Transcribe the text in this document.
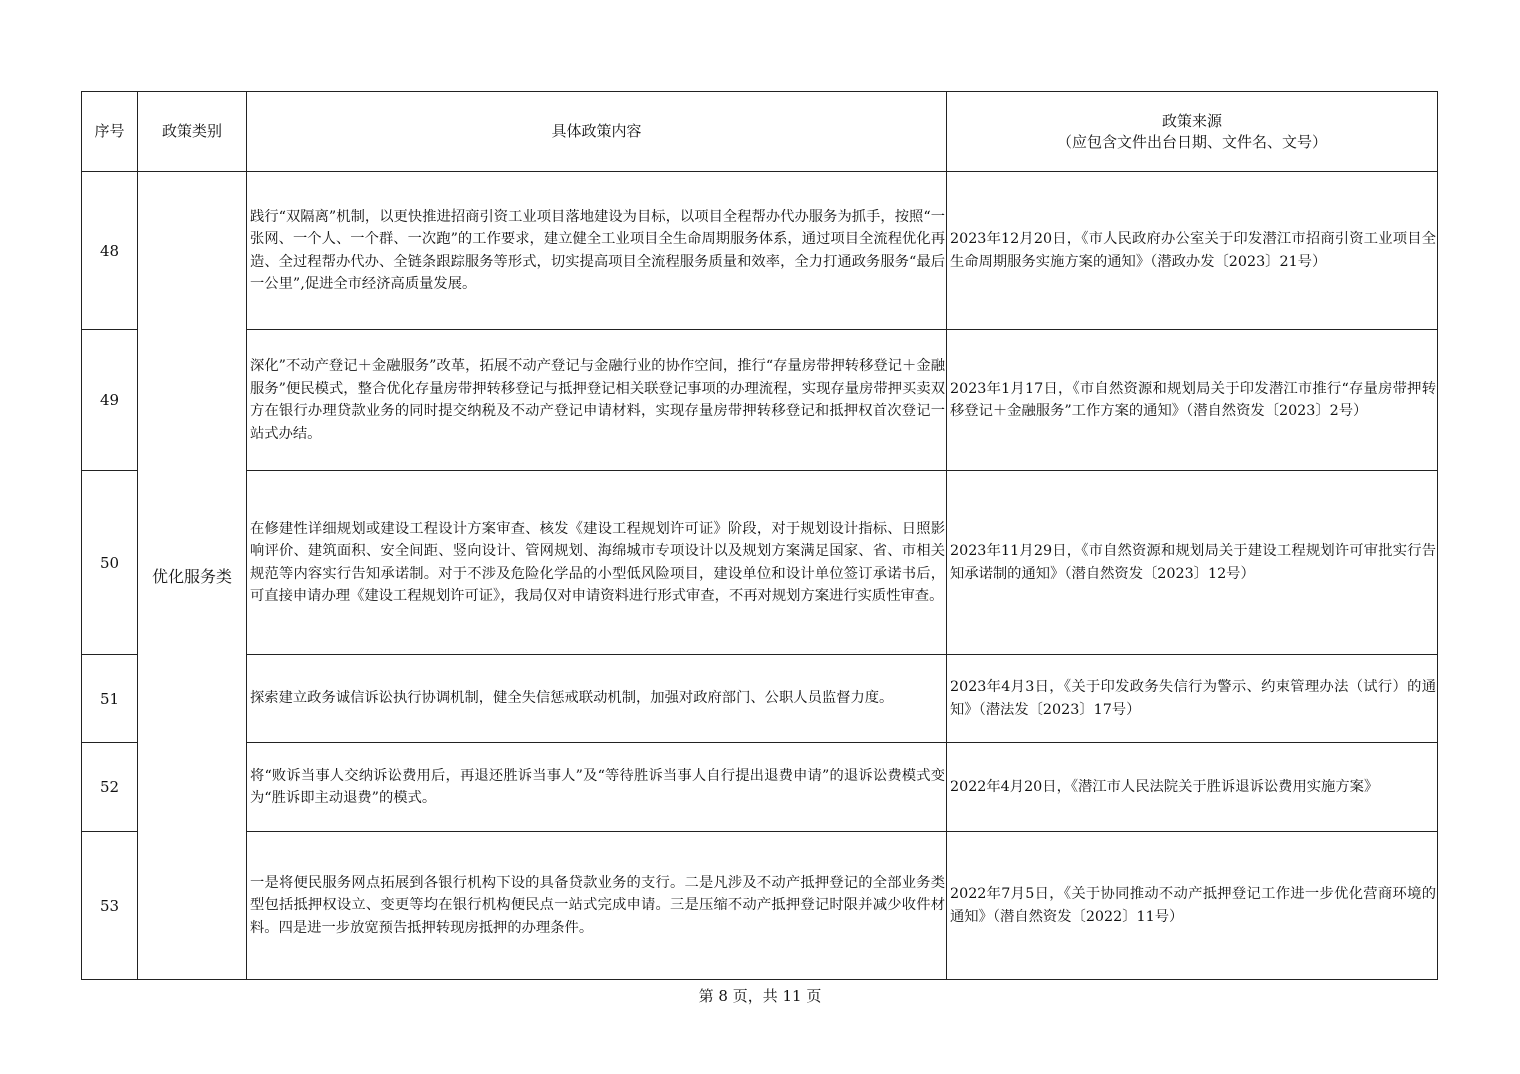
序号	政策类别	具体政策内容	政策来源
（应包含文件出台日期、文件名、文号）

48	优化服务类	践行“双隔离”机制，以更快推进招商引资工业项目落地建设为目标，以项目全程帮办代办服务为抓手，按照“一张网、一个人、一个群、一次跑”的工作要求，建立健全工业项目全生命周期服务体系，通过项目全流程优化再造、全过程帮办代办、全链条跟踪服务等形式，切实提高项目全流程服务质量和效率，全力打通政务服务“最后一公里”,促进全市经济高质量发展。	2023年12月20日，《市人民政府办公室关于印发潜江市招商引资工业项目全生命周期服务实施方案的通知》（潜政办发〔2023〕21号）
49		深化”不动产登记＋金融服务”改革，拓展不动产登记与金融行业的协作空间，推行“存量房带押转移登记＋金融服务”便民模式，整合优化存量房带押转移登记与抵押登记相关联登记事项的办理流程，实现存量房带押买卖双方在银行办理贷款业务的同时提交纳税及不动产登记申请材料，实现存量房带押转移登记和抵押权首次登记一站式办结。	2023年1月17日，《市自然资源和规划局关于印发潜江市推行“存量房带押转移登记＋金融服务”工作方案的通知》（潜自然资发〔2023〕2号）
50		在修建性详细规划或建设工程设计方案审查、核发《建设工程规划许可证》阶段，对于规划设计指标、日照影响评价、建筑面积、安全间距、竖向设计、管网规划、海绵城市专项设计以及规划方案满足国家、省、市相关规范等内容实行告知承诺制。对于不涉及危险化学品的小型低风险项目，建设单位和设计单位签订承诺书后，可直接申请办理《建设工程规划许可证》，我局仅对申请资料进行形式审查，不再对规划方案进行实质性审查。	2023年11月29日，《市自然资源和规划局关于建设工程规划许可审批实行告知承诺制的通知》（潜自然资发〔2023〕12号）
51		探索建立政务诚信诉讼执行协调机制，健全失信惩戒联动机制，加强对政府部门、公职人员监督力度。	2023年4月3日，《关于印发政务失信行为警示、约束管理办法（试行）的通知》（潜法发〔2023〕17号）
52		将“败诉当事人交纳诉讼费用后，再退还胜诉当事人”及“等待胜诉当事人自行提出退费申请”的退诉讼费模式变为“胜诉即主动退费”的模式。	2022年4月20日，《潜江市人民法院关于胜诉退诉讼费用实施方案》
53		一是将便民服务网点拓展到各银行机构下设的具备贷款业务的支行。二是凡涉及不动产抵押登记的全部业务类型包括抵押权设立、变更等均在银行机构便民点一站式完成申请。三是压缩不动产抵押登记时限并减少收件材料。四是进一步放宽预告抵押转现房抵押的办理条件。	2022年7月5日，《关于协同推动不动产抵押登记工作进一步优化营商环境的通知》（潜自然资发〔2022〕11号）
第 8 页，共 11 页
